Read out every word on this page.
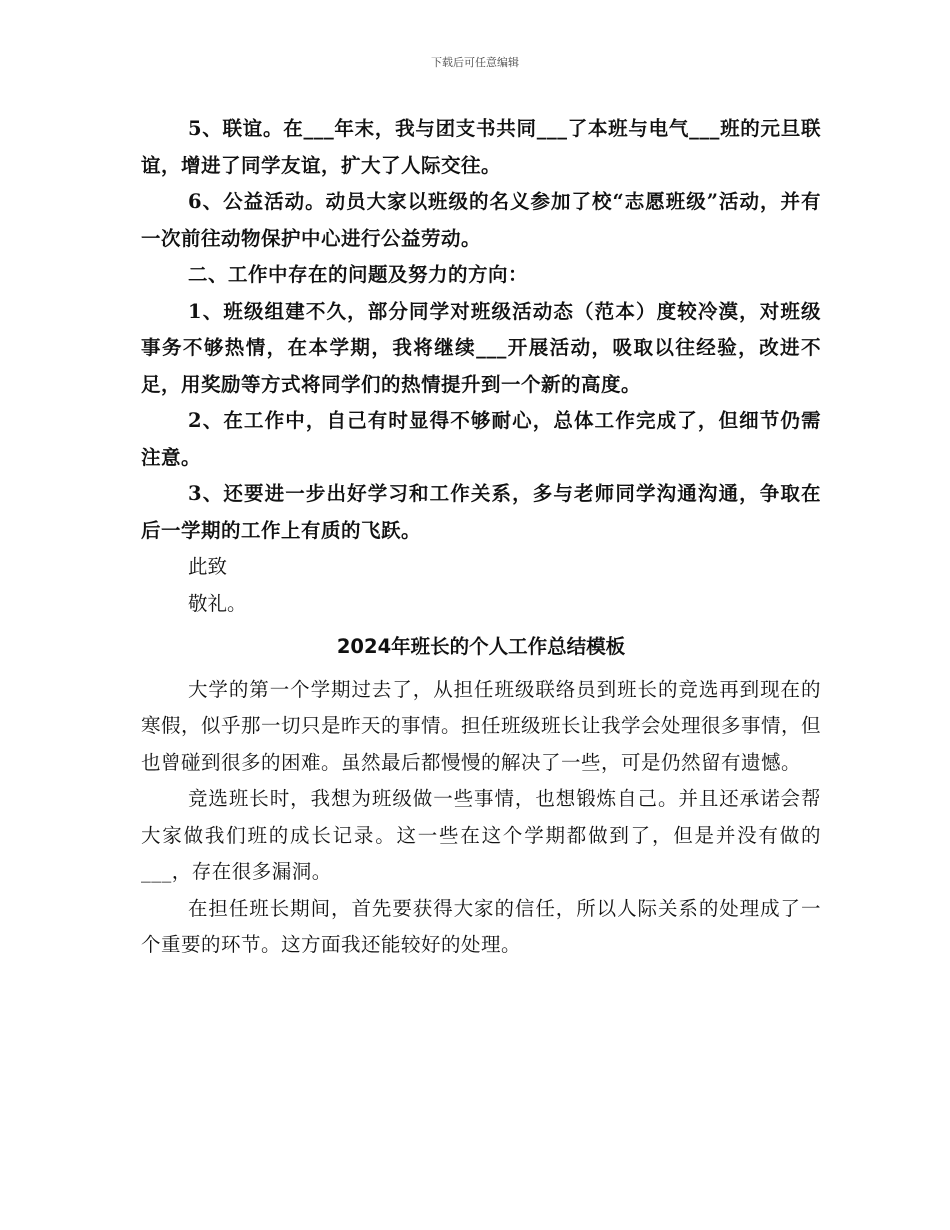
下载后可任意编辑

5、联谊。在___年末，我与团支书共同___了本班与电气___班的元旦联谊，增进了同学友谊，扩大了人际交往。

6、公益活动。动员大家以班级的名义参加了校“志愿班级”活动，并有一次前往动物保护中心进行公益劳动。

二、工作中存在的问题及努力的方向：

1、班级组建不久，部分同学对班级活动态（范本）度较冷漠，对班级事务不够热情，在本学期，我将继续___开展活动，吸取以往经验，改进不足，用奖励等方式将同学们的热情提升到一个新的高度。

2、在工作中，自己有时显得不够耐心，总体工作完成了，但细节仍需注意。

3、还要进一步出好学习和工作关系，多与老师同学沟通沟通，争取在后一学期的工作上有质的飞跃。

此致

敬礼。

2024年班长的个人工作总结模板

大学的第一个学期过去了，从担任班级联络员到班长的竞选再到现在的寒假，似乎那一切只是昨天的事情。担任班级班长让我学会处理很多事情，但也曾碰到很多的困难。虽然最后都慢慢的解决了一些，可是仍然留有遗憾。

竞选班长时，我想为班级做一些事情，也想锻炼自己。并且还承诺会帮大家做我们班的成长记录。这一些在这个学期都做到了，但是并没有做的___，存在很多漏洞。

在担任班长期间，首先要获得大家的信任，所以人际关系的处理成了一个重要的环节。这方面我还能较好的处理。
